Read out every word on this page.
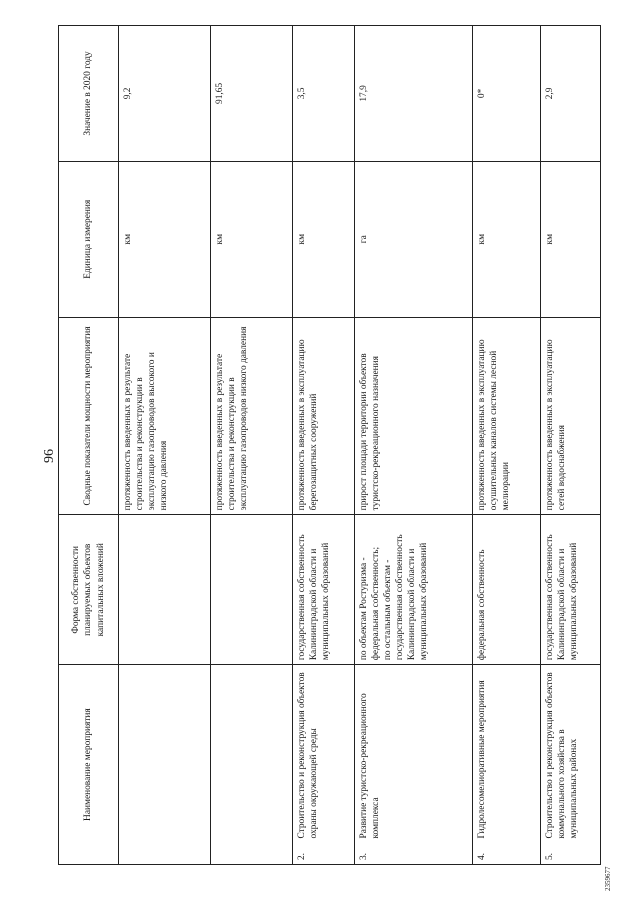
96
Наименование мероприятия		Форма собственности планируемых объектов капитальных вложений	Сводные показатели мощности мероприятия	Единица измерения	Значение в 2020 году
			протяженность введенных в результате строительства и реконструкции в эксплуатацию газопроводов высокого и низкого давления	км	9,2
			протяженность введенных в результате строительства и реконструкции в эксплуатацию газопроводов низкого давления	км	91,65
2.	Строительство и реконструкция объектов охраны окружающей среды	государственная собственность Калининградской области и муниципальных образований	протяженность введенных в эксплуатацию берегозащитных сооружений	км	3,5
3.	Развитие туристско-рекреационного комплекса	по объектам Ростуризма - федеральная собственность; по остальным объектам - государственная собственность Калининградской области и муниципальных образований	прирост площади территории объектов туристско-рекреационного назначения	га	17,9
4.	Гидролесомелиоративные мероприятия	федеральная собственность	протяженность введенных в эксплуатацию осушительных каналов системы лесной мелиорации	км	0*
5.	Строительство и реконструкция объектов коммунального хозяйства в муниципальных районах	государственная собственность Калининградской области и муниципальных образований	протяженность введенных в эксплуатацию сетей водоснабжения	км	2,9
2359677
